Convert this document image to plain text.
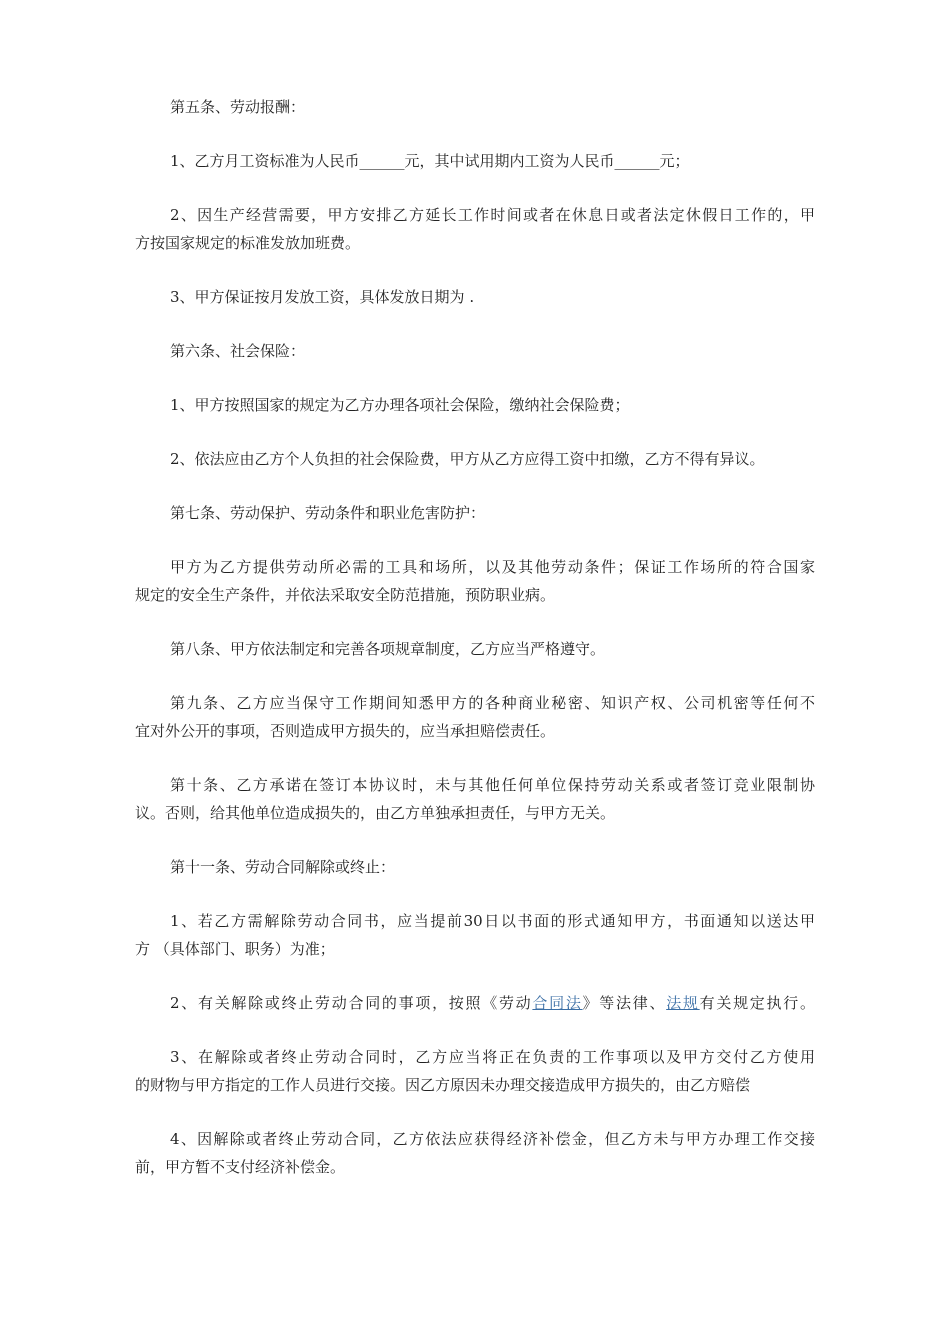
第五条、劳动报酬：

1、乙方月工资标准为人民币______元，其中试用期内工资为人民币______元；

2、因生产经营需要，甲方安排乙方延长工作时间或者在休息日或者法定休假日工作的，甲
方按国家规定的标准发放加班费。

3、甲方保证按月发放工资，具体发放日期为 .

第六条、社会保险：

1、甲方按照国家的规定为乙方办理各项社会保险，缴纳社会保险费；

2、依法应由乙方个人负担的社会保险费，甲方从乙方应得工资中扣缴，乙方不得有异议。

第七条、劳动保护、劳动条件和职业危害防护：

甲方为乙方提供劳动所必需的工具和场所，以及其他劳动条件；保证工作场所的符合国家
规定的安全生产条件，并依法采取安全防范措施，预防职业病。

第八条、甲方依法制定和完善各项规章制度，乙方应当严格遵守。

第九条、乙方应当保守工作期间知悉甲方的各种商业秘密、知识产权、公司机密等任何不
宜对外公开的事项，否则造成甲方损失的，应当承担赔偿责任。

第十条、乙方承诺在签订本协议时，未与其他任何单位保持劳动关系或者签订竞业限制协
议。否则，给其他单位造成损失的，由乙方单独承担责任，与甲方无关。

第十一条、劳动合同解除或终止：

1、若乙方需解除劳动合同书，应当提前30日以书面的形式通知甲方，书面通知以送达甲
方 （具体部门、职务）为准；

2、有关解除或终止劳动合同的事项，按照《劳动合同法》等法律、法规有关规定执行。

3、在解除或者终止劳动合同时，乙方应当将正在负责的工作事项以及甲方交付乙方使用
的财物与甲方指定的工作人员进行交接。因乙方原因未办理交接造成甲方损失的，由乙方赔偿

4、因解除或者终止劳动合同，乙方依法应获得经济补偿金，但乙方未与甲方办理工作交接
前，甲方暂不支付经济补偿金。
